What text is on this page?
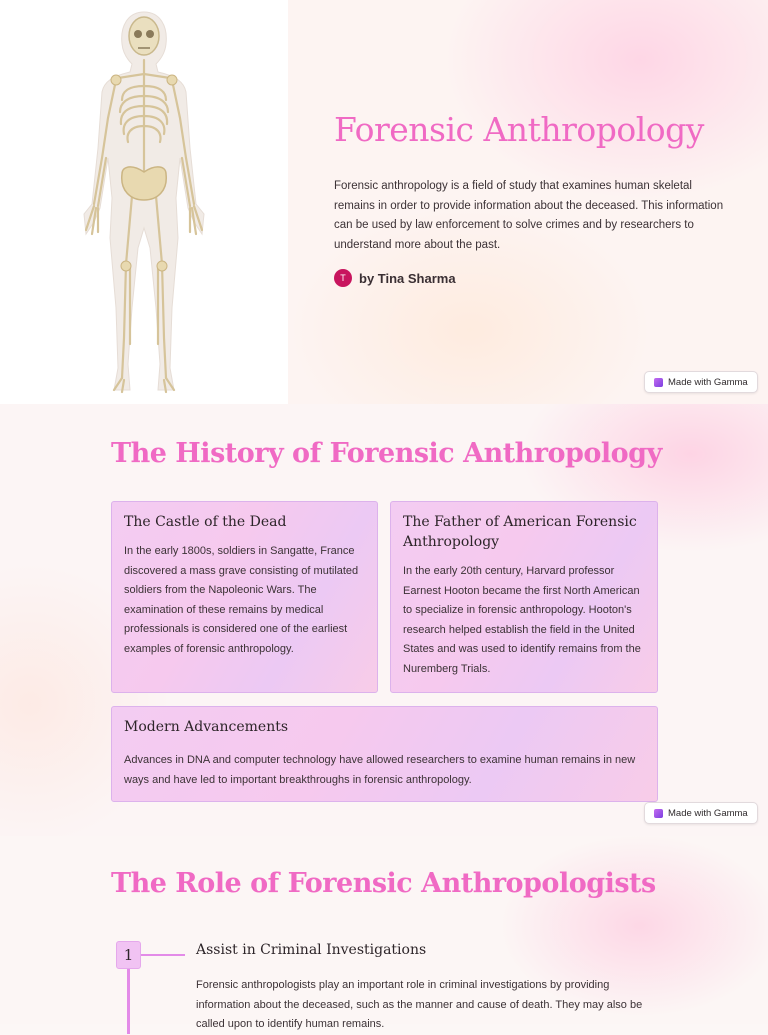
Forensic Anthropology

Forensic anthropology is a field of study that examines human skeletal remains in order to provide information about the deceased. This information can be used by law enforcement to solve crimes and by researchers to understand more about the past.

T	by Tina Sharma
Made with Gamma
The History of Forensic Anthropology
The Castle of the Dead
In the early 1800s, soldiers in Sangatte, France discovered a mass grave consisting of mutilated soldiers from the Napoleonic Wars. The examination of these remains by medical professionals is considered one of the earliest examples of forensic anthropology.
The Father of American Forensic Anthropology
In the early 20th century, Harvard professor Earnest Hooton became the first North American to specialize in forensic anthropology. Hooton's research helped establish the field in the United States and was used to identify remains from the Nuremberg Trials.
Modern Advancements
Advances in DNA and computer technology have allowed researchers to examine human remains in new ways and have led to important breakthroughs in forensic anthropology.
Made with Gamma
The Role of Forensic Anthropologists
1	Assist in Criminal Investigations

Forensic anthropologists play an important role in criminal investigations by providing information about the deceased, such as the manner and cause of death. They may also be called upon to identify human remains.
